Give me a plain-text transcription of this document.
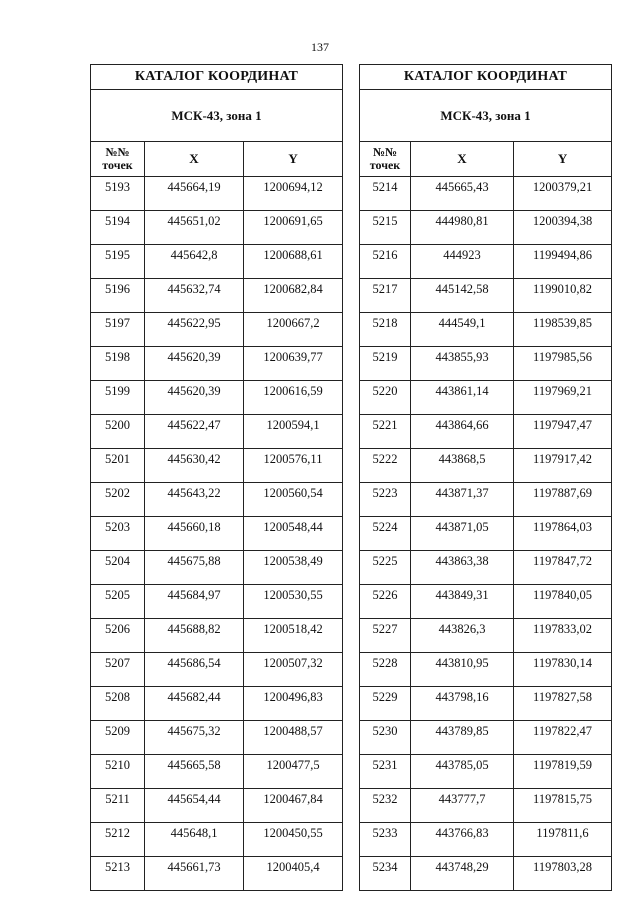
137
КАТАЛОГ КООРДИНАТ		
МСК-43, зона 1		
№№
точек	X	Y
5193	445664,19	1200694,12
5194	445651,02	1200691,65
5195	445642,8	1200688,61
5196	445632,74	1200682,84
5197	445622,95	1200667,2
5198	445620,39	1200639,77
5199	445620,39	1200616,59
5200	445622,47	1200594,1
5201	445630,42	1200576,11
5202	445643,22	1200560,54
5203	445660,18	1200548,44
5204	445675,88	1200538,49
5205	445684,97	1200530,55
5206	445688,82	1200518,42
5207	445686,54	1200507,32
5208	445682,44	1200496,83
5209	445675,32	1200488,57
5210	445665,58	1200477,5
5211	445654,44	1200467,84
5212	445648,1	1200450,55
5213	445661,73	1200405,4
КАТАЛОГ КООРДИНАТ		
МСК-43, зона 1		
№№
точек	X	Y
5214	445665,43	1200379,21
5215	444980,81	1200394,38
5216	444923	1199494,86
5217	445142,58	1199010,82
5218	444549,1	1198539,85
5219	443855,93	1197985,56
5220	443861,14	1197969,21
5221	443864,66	1197947,47
5222	443868,5	1197917,42
5223	443871,37	1197887,69
5224	443871,05	1197864,03
5225	443863,38	1197847,72
5226	443849,31	1197840,05
5227	443826,3	1197833,02
5228	443810,95	1197830,14
5229	443798,16	1197827,58
5230	443789,85	1197822,47
5231	443785,05	1197819,59
5232	443777,7	1197815,75
5233	443766,83	1197811,6
5234	443748,29	1197803,28
